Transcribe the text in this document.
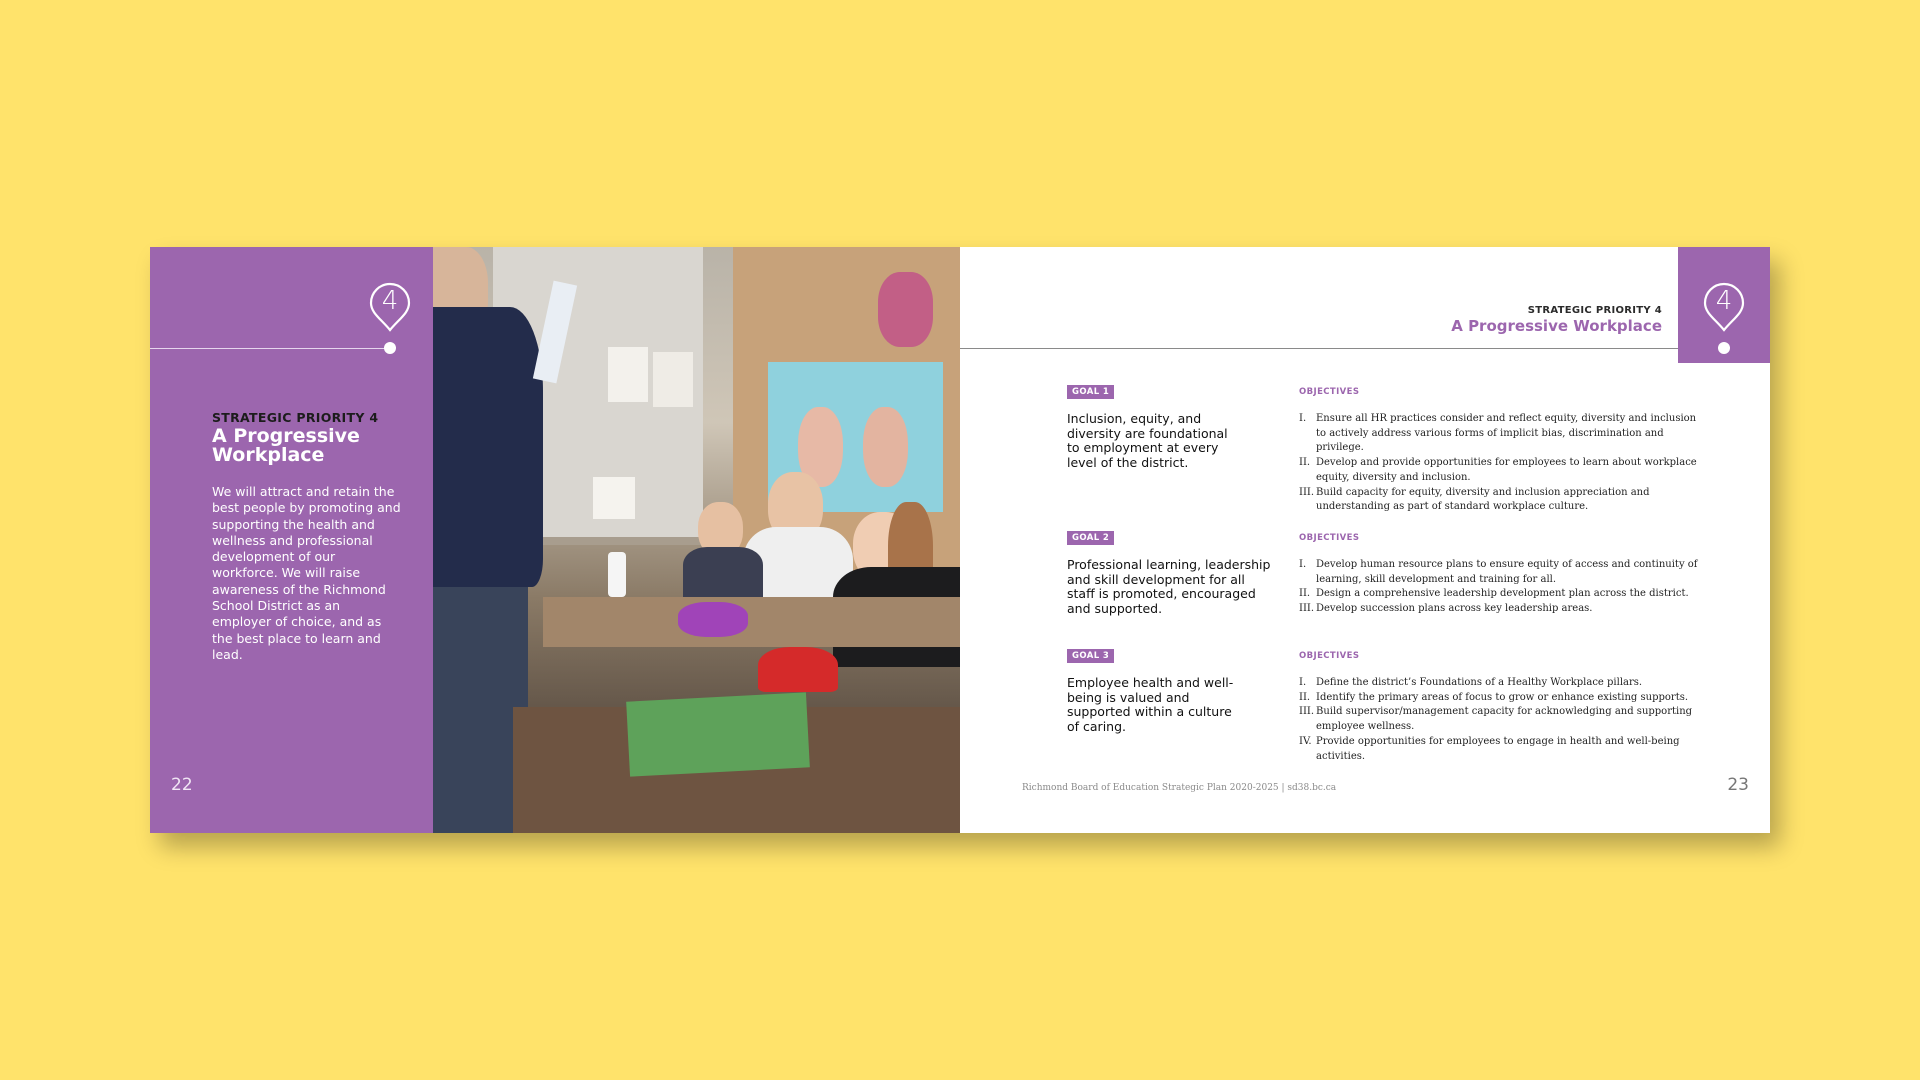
4
STRATEGIC PRIORITY 4
A Progressive Workplace
We will attract and retain the best people by promoting and supporting the health and wellness and professional development of our workforce. We will raise awareness of the Richmond School District as an employer of choice, and as the best place to learn and lead.
22
4
STRATEGIC PRIORITY 4
A Progressive Workplace
GOAL 1
Inclusion, equity, and diversity are foundational to employment at every level of the district.
OBJECTIVES
I. Ensure all HR practices consider and reflect equity, diversity and inclusion to actively address various forms of implicit bias, discrimination and privilege.
II. Develop and provide opportunities for employees to learn about workplace equity, diversity and inclusion.
III. Build capacity for equity, diversity and inclusion appreciation and understanding as part of standard workplace culture.
GOAL 2
Professional learning, leadership and skill development for all staff is promoted, encouraged and supported.
OBJECTIVES
I. Develop human resource plans to ensure equity of access and continuity of learning, skill development and training for all.
II. Design a comprehensive leadership development plan across the district.
III. Develop succession plans across key leadership areas.
GOAL 3
Employee health and well-being is valued and supported within a culture of caring.
OBJECTIVES
I. Define the district’s Foundations of a Healthy Workplace pillars.
II. Identify the primary areas of focus to grow or enhance existing supports.
III. Build supervisor/management capacity for acknowledging and supporting employee wellness.
IV. Provide opportunities for employees to engage in health and well-being activities.
Richmond Board of Education Strategic Plan 2020-2025 | sd38.bc.ca	23
